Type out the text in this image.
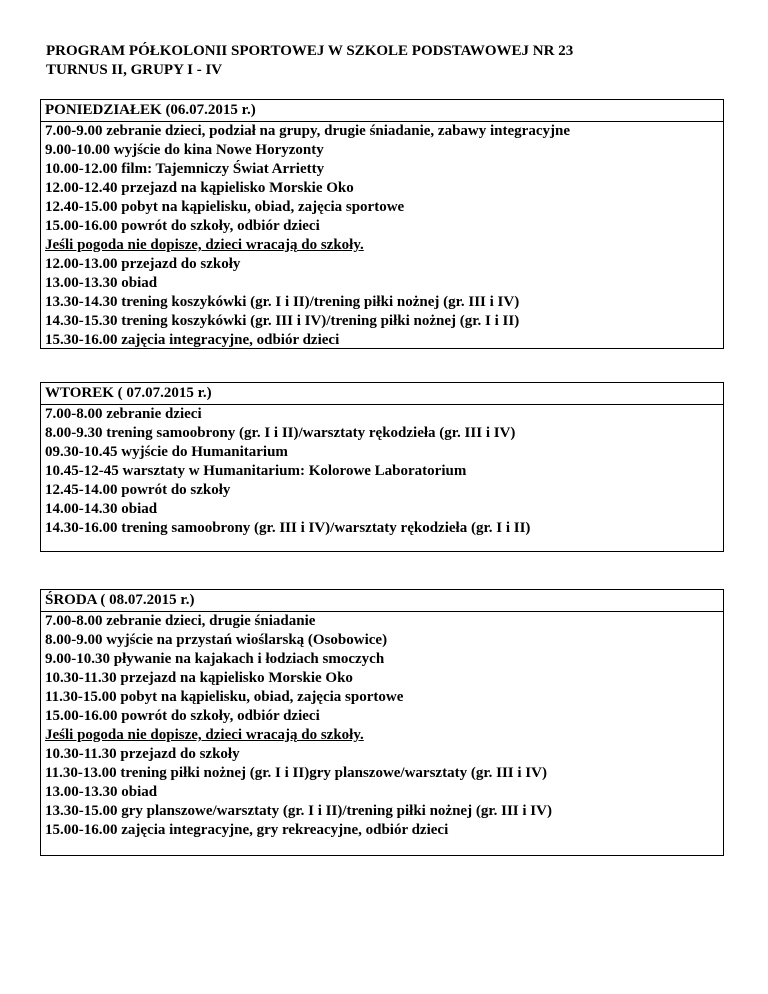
PROGRAM PÓŁKOLONII SPORTOWEJ W SZKOLE PODSTAWOWEJ NR 23
TURNUS II, GRUPY I - IV
PONIEDZIAŁEK (06.07.2015 r.)
7.00-9.00 zebranie dzieci, podział na grupy, drugie śniadanie, zabawy integracyjne
9.00-10.00 wyjście do kina Nowe Horyzonty
10.00-12.00 film: Tajemniczy Świat Arrietty
12.00-12.40 przejazd na kąpielisko Morskie Oko
12.40-15.00 pobyt na kąpielisku, obiad, zajęcia sportowe
15.00-16.00 powrót do szkoły, odbiór dzieci
Jeśli pogoda nie dopisze, dzieci wracają do szkoły.
12.00-13.00 przejazd do szkoły
13.00-13.30 obiad
13.30-14.30 trening koszykówki (gr. I i II)/trening piłki nożnej (gr. III i IV)
14.30-15.30 trening koszykówki (gr. III i IV)/trening piłki nożnej (gr. I i II)
15.30-16.00 zajęcia integracyjne, odbiór dzieci
WTOREK ( 07.07.2015 r.)
7.00-8.00 zebranie dzieci
8.00-9.30 trening samoobrony (gr. I i II)/warsztaty rękodzieła (gr. III i IV)
09.30-10.45 wyjście do Humanitarium
10.45-12-45 warsztaty w Humanitarium: Kolorowe Laboratorium
12.45-14.00 powrót do szkoły
14.00-14.30 obiad
14.30-16.00 trening samoobrony (gr. III i IV)/warsztaty rękodzieła (gr. I i II)
ŚRODA ( 08.07.2015 r.)
7.00-8.00 zebranie dzieci, drugie śniadanie
8.00-9.00 wyjście na przystań wioślarską (Osobowice)
9.00-10.30 pływanie na kajakach i łodziach smoczych
10.30-11.30 przejazd na kąpielisko Morskie Oko
11.30-15.00 pobyt na kąpielisku, obiad, zajęcia sportowe
15.00-16.00 powrót do szkoły, odbiór dzieci
Jeśli pogoda nie dopisze, dzieci wracają do szkoły.
10.30-11.30 przejazd do szkoły
11.30-13.00 trening piłki nożnej (gr. I i II)gry planszowe/warsztaty (gr. III i IV)
13.00-13.30 obiad
13.30-15.00 gry planszowe/warsztaty (gr. I i II)/trening piłki nożnej (gr. III i IV)
15.00-16.00 zajęcia integracyjne, gry rekreacyjne, odbiór dzieci
